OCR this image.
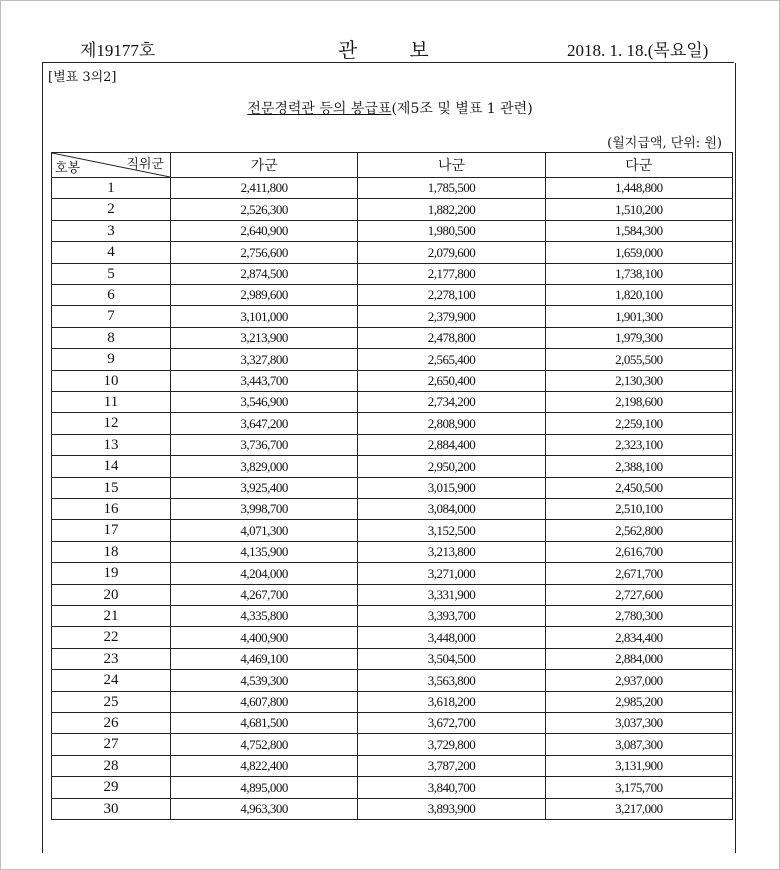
제19177호	관	보	2018. 1. 18.(목요일)
[별표 3의2]
전문경력관 등의 봉급표(제5조 및 별표 1 관련)
(월지급액, 단위: 원)
직위군
호봉	가군	나군	다군
1	2,411,800	1,785,500	1,448,800
2	2,526,300	1,882,200	1,510,200
3	2,640,900	1,980,500	1,584,300
4	2,756,600	2,079,600	1,659,000
5	2,874,500	2,177,800	1,738,100
6	2,989,600	2,278,100	1,820,100
7	3,101,000	2,379,900	1,901,300
8	3,213,900	2,478,800	1,979,300
9	3,327,800	2,565,400	2,055,500
10	3,443,700	2,650,400	2,130,300
11	3,546,900	2,734,200	2,198,600
12	3,647,200	2,808,900	2,259,100
13	3,736,700	2,884,400	2,323,100
14	3,829,000	2,950,200	2,388,100
15	3,925,400	3,015,900	2,450,500
16	3,998,700	3,084,000	2,510,100
17	4,071,300	3,152,500	2,562,800
18	4,135,900	3,213,800	2,616,700
19	4,204,000	3,271,000	2,671,700
20	4,267,700	3,331,900	2,727,600
21	4,335,800	3,393,700	2,780,300
22	4,400,900	3,448,000	2,834,400
23	4,469,100	3,504,500	2,884,000
24	4,539,300	3,563,800	2,937,000
25	4,607,800	3,618,200	2,985,200
26	4,681,500	3,672,700	3,037,300
27	4,752,800	3,729,800	3,087,300
28	4,822,400	3,787,200	3,131,900
29	4,895,000	3,840,700	3,175,700
30	4,963,300	3,893,900	3,217,000
